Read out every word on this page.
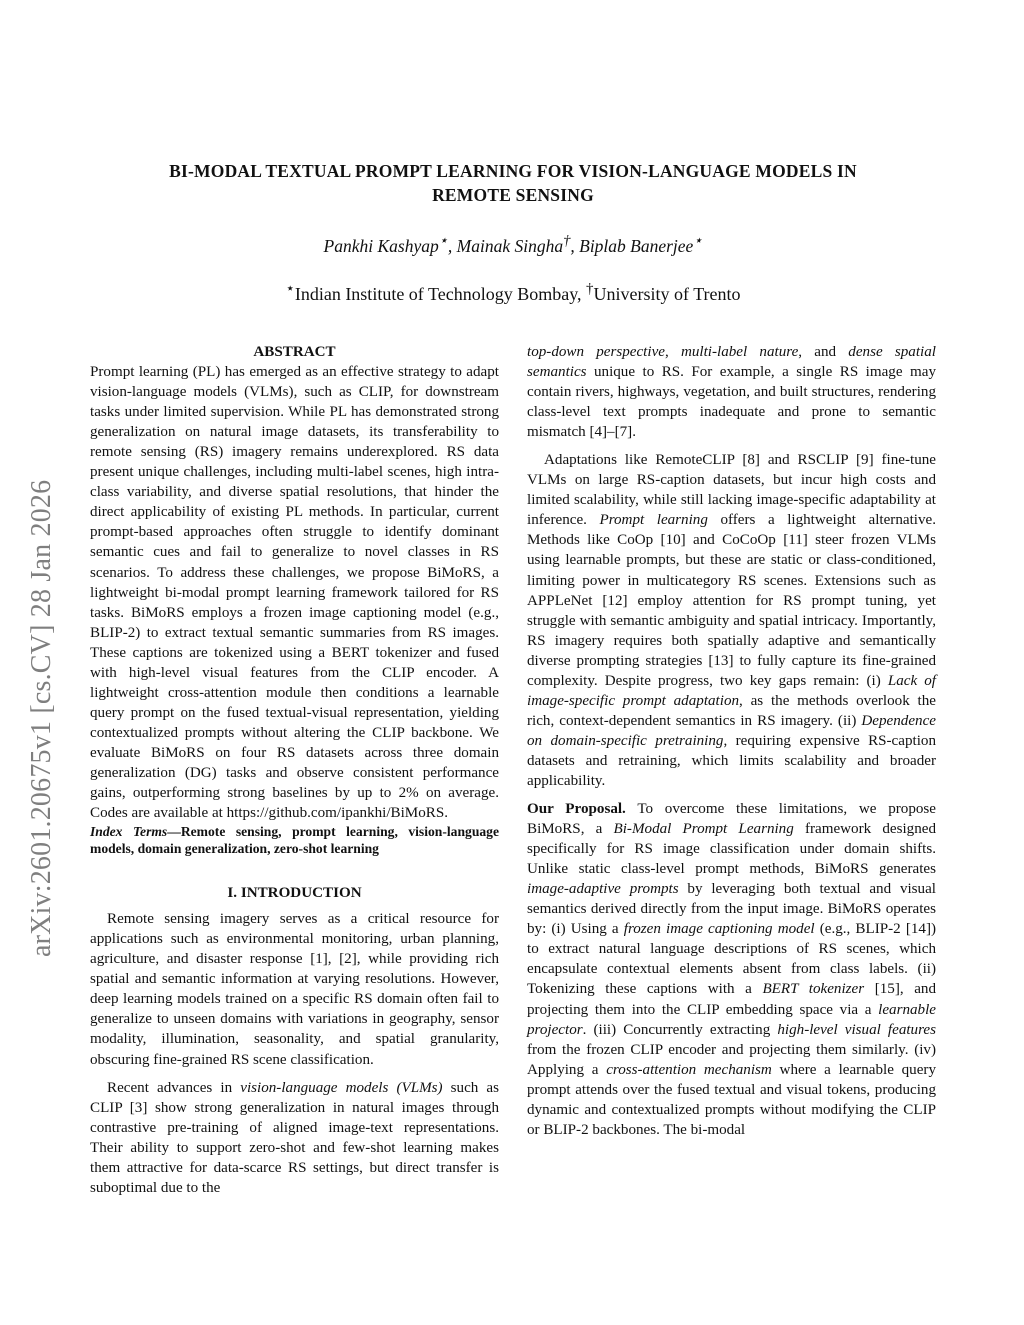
arXiv:2601.20675v1 [cs.CV] 28 Jan 2026
BI-MODAL TEXTUAL PROMPT LEARNING FOR VISION-LANGUAGE MODELS IN
REMOTE SENSING
Pankhi Kashyap⋆, Mainak Singha†, Biplab Banerjee⋆
⋆Indian Institute of Technology Bombay, †University of Trento
ABSTRACT

Prompt learning (PL) has emerged as an effective strategy to adapt vision-language models (VLMs), such as CLIP, for downstream tasks under limited supervision. While PL has demonstrated strong generalization on natural image datasets, its transferability to remote sensing (RS) imagery remains underexplored. RS data present unique challenges, including multi-label scenes, high intra-class variability, and diverse spatial resolutions, that hinder the direct applicability of existing PL methods. In particular, current prompt-based approaches often struggle to identify dominant semantic cues and fail to generalize to novel classes in RS scenarios. To address these challenges, we propose BiMoRS, a lightweight bi-modal prompt learning framework tailored for RS tasks. BiMoRS employs a frozen image captioning model (e.g., BLIP-2) to extract textual semantic summaries from RS images. These captions are tokenized using a BERT tokenizer and fused with high-level visual features from the CLIP encoder. A lightweight cross-attention module then conditions a learnable query prompt on the fused textual-visual representation, yielding contextualized prompts without altering the CLIP backbone. We evaluate BiMoRS on four RS datasets across three domain generalization (DG) tasks and observe consistent performance gains, outperforming strong baselines by up to 2% on average. Codes are available at https://github.com/ipankhi/BiMoRS.

Index Terms—Remote sensing, prompt learning, vision-language models, domain generalization, zero-shot learning

I. INTRODUCTION

Remote sensing imagery serves as a critical resource for applications such as environmental monitoring, urban planning, agriculture, and disaster response [1], [2], while providing rich spatial and semantic information at varying resolutions. However, deep learning models trained on a specific RS domain often fail to generalize to unseen domains with variations in geography, sensor modality, illumination, seasonality, and spatial granularity, obscuring fine-grained RS scene classification.

Recent advances in vision-language models (VLMs) such as CLIP [3] show strong generalization in natural images through contrastive pre-training of aligned image-text representations. Their ability to support zero-shot and few-shot learning makes them attractive for data-scarce RS settings, but direct transfer is suboptimal due to the

top-down perspective, multi-label nature, and dense spatial semantics unique to RS. For example, a single RS image may contain rivers, highways, vegetation, and built structures, rendering class-level text prompts inadequate and prone to semantic mismatch [4]–[7].

Adaptations like RemoteCLIP [8] and RSCLIP [9] fine-tune VLMs on large RS-caption datasets, but incur high costs and limited scalability, while still lacking image-specific adaptability at inference. Prompt learning offers a lightweight alternative. Methods like CoOp [10] and CoCoOp [11] steer frozen VLMs using learnable prompts, but these are static or class-conditioned, limiting power in multicategory RS scenes. Extensions such as APPLeNet [12] employ attention for RS prompt tuning, yet struggle with semantic ambiguity and spatial intricacy. Importantly, RS imagery requires both spatially adaptive and semantically diverse prompting strategies [13] to fully capture its fine-grained complexity. Despite progress, two key gaps remain: (i) Lack of image-specific prompt adaptation, as the methods overlook the rich, context-dependent semantics in RS imagery. (ii) Dependence on domain-specific pretraining, requiring expensive RS-caption datasets and retraining, which limits scalability and broader applicability.

Our Proposal. To overcome these limitations, we propose BiMoRS, a Bi-Modal Prompt Learning framework designed specifically for RS image classification under domain shifts. Unlike static class-level prompt methods, BiMoRS generates image-adaptive prompts by leveraging both textual and visual semantics derived directly from the input image. BiMoRS operates by: (i) Using a frozen image captioning model (e.g., BLIP-2 [14]) to extract natural language descriptions of RS scenes, which encapsulate contextual elements absent from class labels. (ii) Tokenizing these captions with a BERT tokenizer [15], and projecting them into the CLIP embedding space via a learnable projector. (iii) Concurrently extracting high-level visual features from the frozen CLIP encoder and projecting them similarly. (iv) Applying a cross-attention mechanism where a learnable query prompt attends over the fused textual and visual tokens, producing dynamic and contextualized prompts without modifying the CLIP or BLIP-2 backbones. The bi-modal
